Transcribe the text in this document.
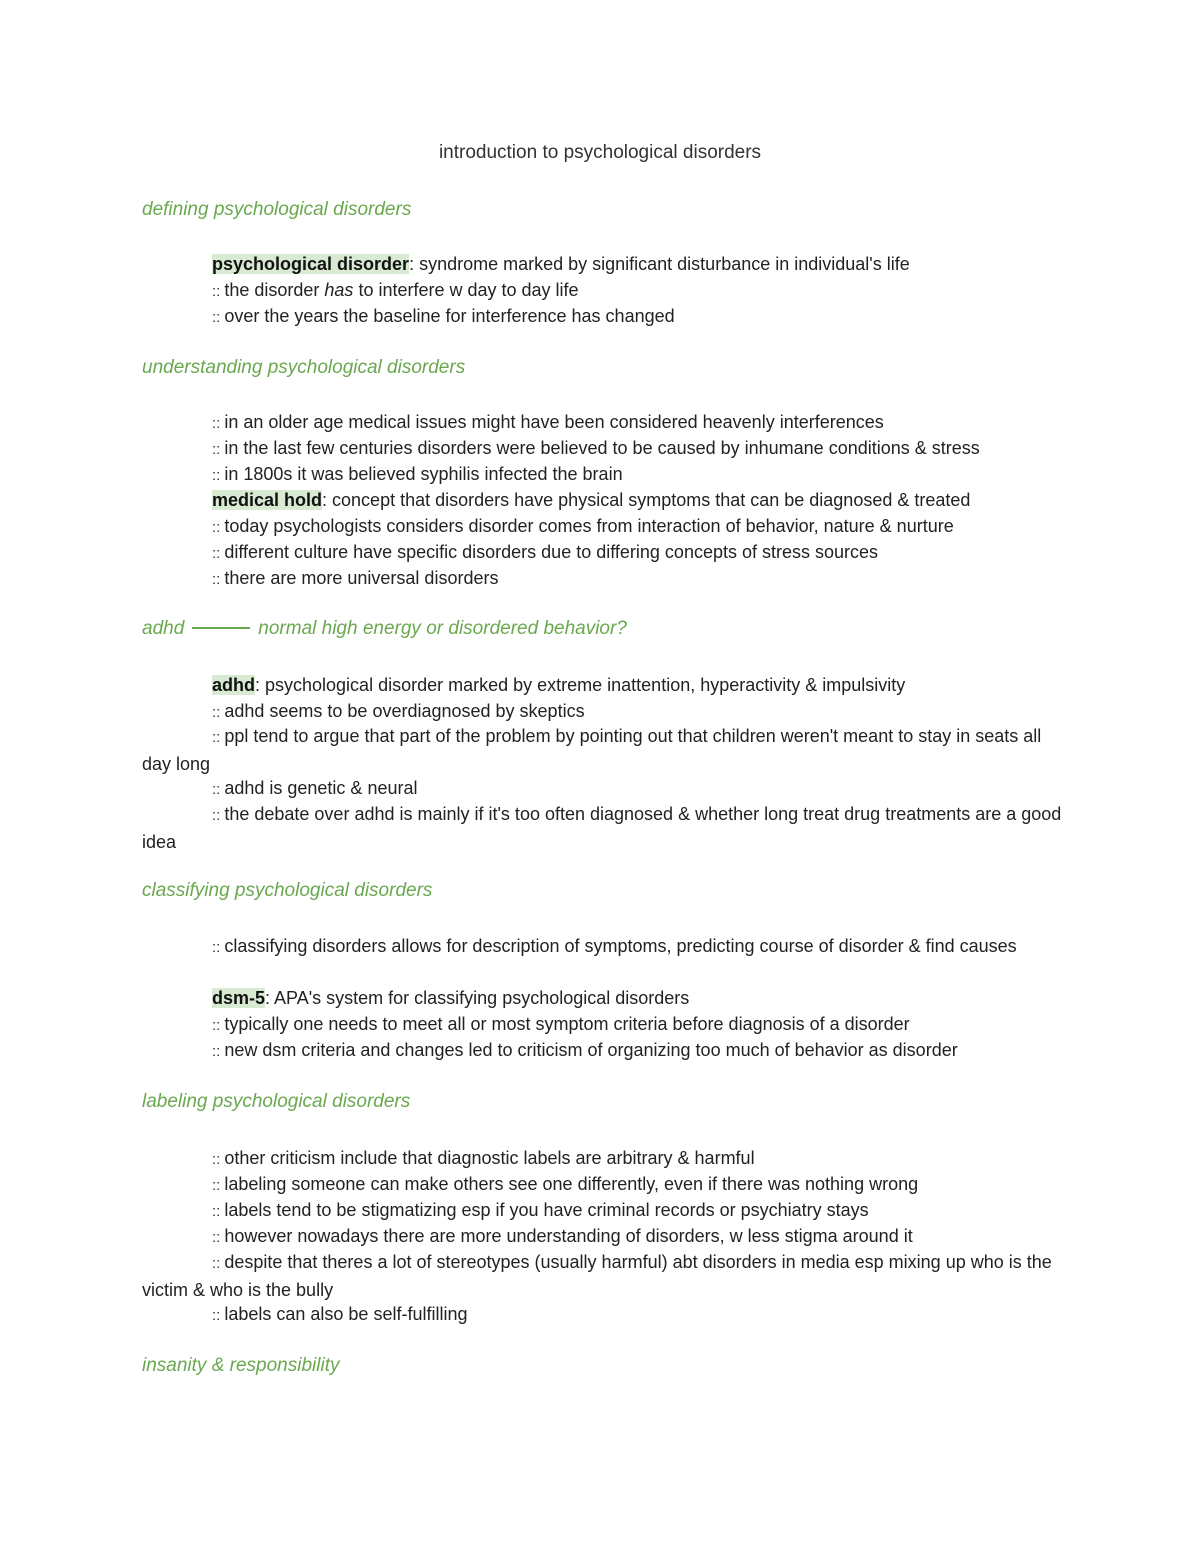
introduction to psychological disorders
defining psychological disorders
psychological disorder: syndrome marked by significant disturbance in individual's life
:: the disorder has to interfere w day to day life
:: over the years the baseline for interference has changed
understanding psychological disorders
:: in an older age medical issues might have been considered heavenly interferences
:: in the last few centuries disorders were believed to be caused by inhumane conditions & stress
:: in 1800s it was believed syphilis infected the brain
medical hold: concept that disorders have physical symptoms that can be diagnosed & treated
:: today psychologists considers disorder comes from interaction of behavior, nature & nurture
:: different culture have specific disorders due to differing concepts of stress sources
:: there are more universal disorders
adhd	normal high energy or disordered behavior?
adhd: psychological disorder marked by extreme inattention, hyperactivity & impulsivity
:: adhd seems to be overdiagnosed by skeptics
:: ppl tend to argue that part of the problem by pointing out that children weren't meant to stay in seats all day long
:: adhd is genetic & neural
:: the debate over adhd is mainly if it's too often diagnosed & whether long treat drug treatments are a good idea
classifying psychological disorders
:: classifying disorders allows for description of symptoms, predicting course of disorder & find causes
dsm-5: APA's system for classifying psychological disorders
:: typically one needs to meet all or most symptom criteria before diagnosis of a disorder
:: new dsm criteria and changes led to criticism of organizing too much of behavior as disorder
labeling psychological disorders
:: other criticism include that diagnostic labels are arbitrary & harmful
:: labeling someone can make others see one differently, even if there was nothing wrong
:: labels tend to be stigmatizing esp if you have criminal records or psychiatry stays
:: however nowadays there are more understanding of disorders, w less stigma around it
:: despite that theres a lot of stereotypes (usually harmful) abt disorders in media esp mixing up who is the victim & who is the bully
:: labels can also be self-fulfilling
insanity & responsibility
